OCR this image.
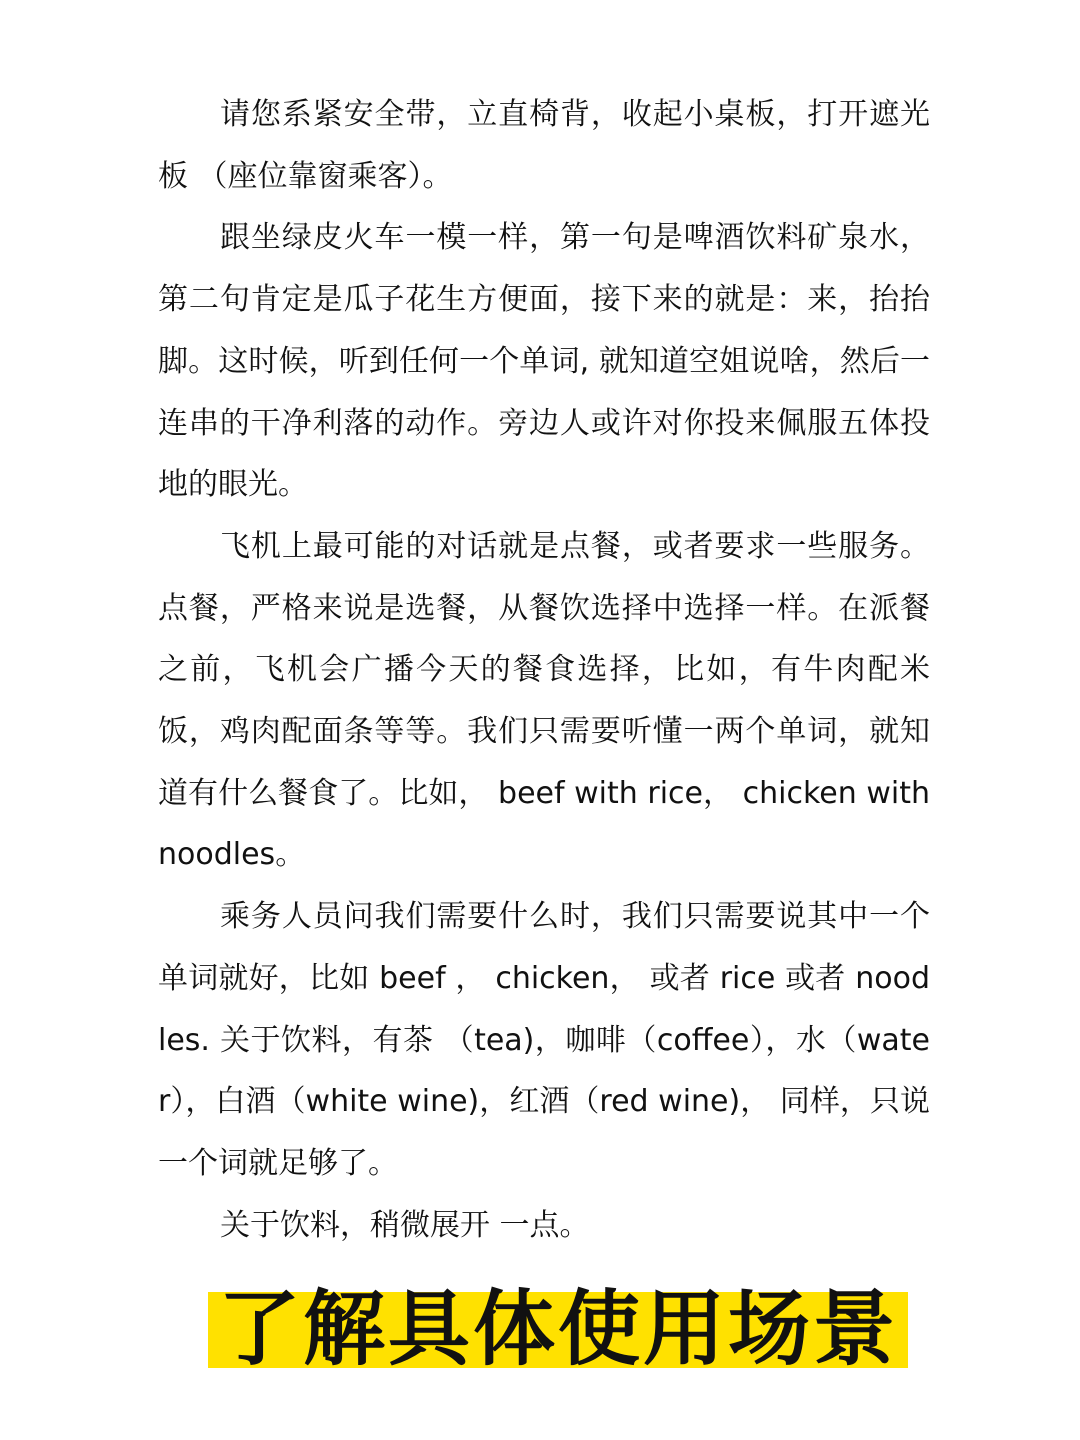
请您系紧安全带，立直椅背，收起小桌板，打开遮光板 （座位靠窗乘客）。

跟坐绿皮火车一模一样，第一句是啤酒饮料矿泉水，第二句肯定是瓜子花生方便面，接下来的就是：来，抬抬脚。这时候，听到任何一个单词, 就知道空姐说啥，然后一连串的干净利落的动作。旁边人或许对你投来佩服五体投地的眼光。

飞机上最可能的对话就是点餐，或者要求一些服务。点餐，严格来说是选餐，从餐饮选择中选择一样。在派餐之前，飞机会广播今天的餐食选择，比如，有牛肉配米饭，鸡肉配面条等等。我们只需要听懂一两个单词，就知道有什么餐食了。比如， beef with rice， chicken with noodles。

乘务人员问我们需要什么时，我们只需要说其中一个单词就好，比如 beef ， chicken， 或者 rice 或者 noodles. 关于饮料，有茶 （tea)，咖啡（coffee），水（water），白酒（white wine)，红酒（red wine)， 同样，只说一个词就足够了。

关于饮料，稍微展开 一点。

了解具体使用场景
